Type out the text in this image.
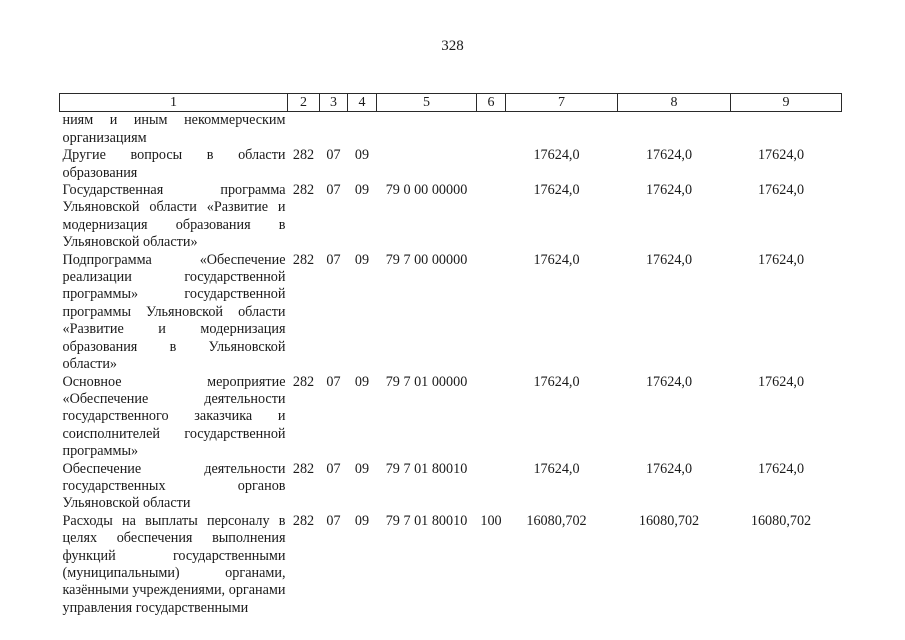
328
1	2	3	4	5	6	7	8	9
ниям и иным некоммерческим организациям								
Другие вопросы в области образования	282	07	09			17624,0	17624,0	17624,0
Государственная программа Ульяновской области «Развитие и модернизация образования в Ульяновской области»	282	07	09	79 0 00 00000		17624,0	17624,0	17624,0
Подпрограмма «Обеспечение реализации государственной программы» государственной программы Ульяновской области «Развитие и модернизация образования в Ульяновской области»	282	07	09	79 7 00 00000		17624,0	17624,0	17624,0
Основное мероприятие «Обеспечение деятельности государственного заказчика и соисполнителей государственной программы»	282	07	09	79 7 01 00000		17624,0	17624,0	17624,0
Обеспечение деятельности государственных органов Ульяновской области	282	07	09	79 7 01 80010		17624,0	17624,0	17624,0
Расходы на выплаты персоналу в целях обеспечения выполнения функций государственными (муниципальными) органами, казёнными учреждениями, органами управления государственными	282	07	09	79 7 01 80010	100	16080,702	16080,702	16080,702
